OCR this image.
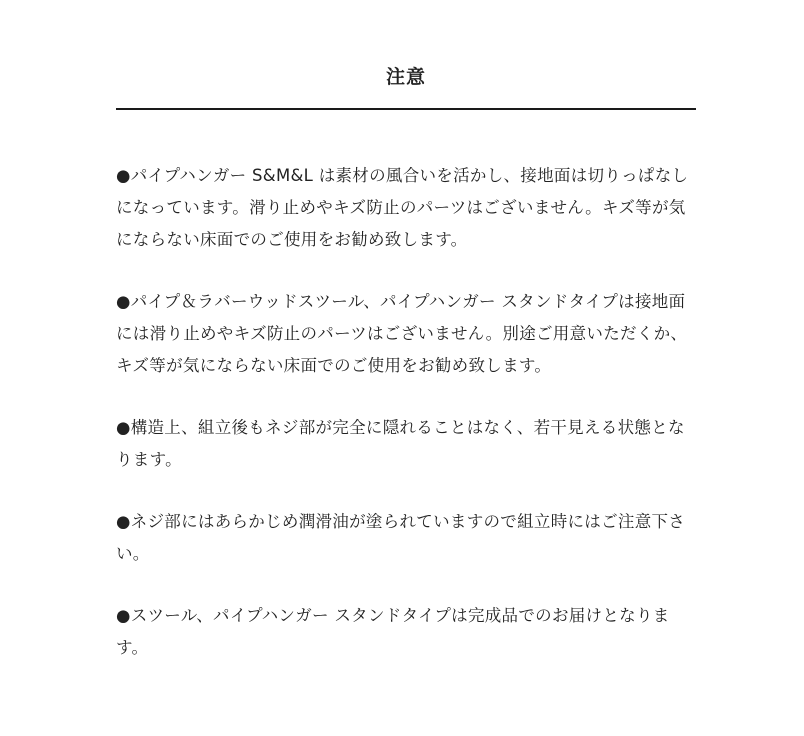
注意

●パイプハンガー S&M&L は素材の風合いを活かし、接地面は切りっぱなしになっています。滑り止めやキズ防止のパーツはございません。キズ等が気にならない床面でのご使用をお勧め致します。

●パイプ＆ラバーウッドスツール、パイプハンガー スタンドタイプは接地面には滑り止めやキズ防止のパーツはございません。別途ご用意いただくか、キズ等が気にならない床面でのご使用をお勧め致します。

●構造上、組立後もネジ部が完全に隠れることはなく、若干見える状態となります。

●ネジ部にはあらかじめ潤滑油が塗られていますので組立時にはご注意下さい。

●スツール、パイプハンガー スタンドタイプは完成品でのお届けとなります。
